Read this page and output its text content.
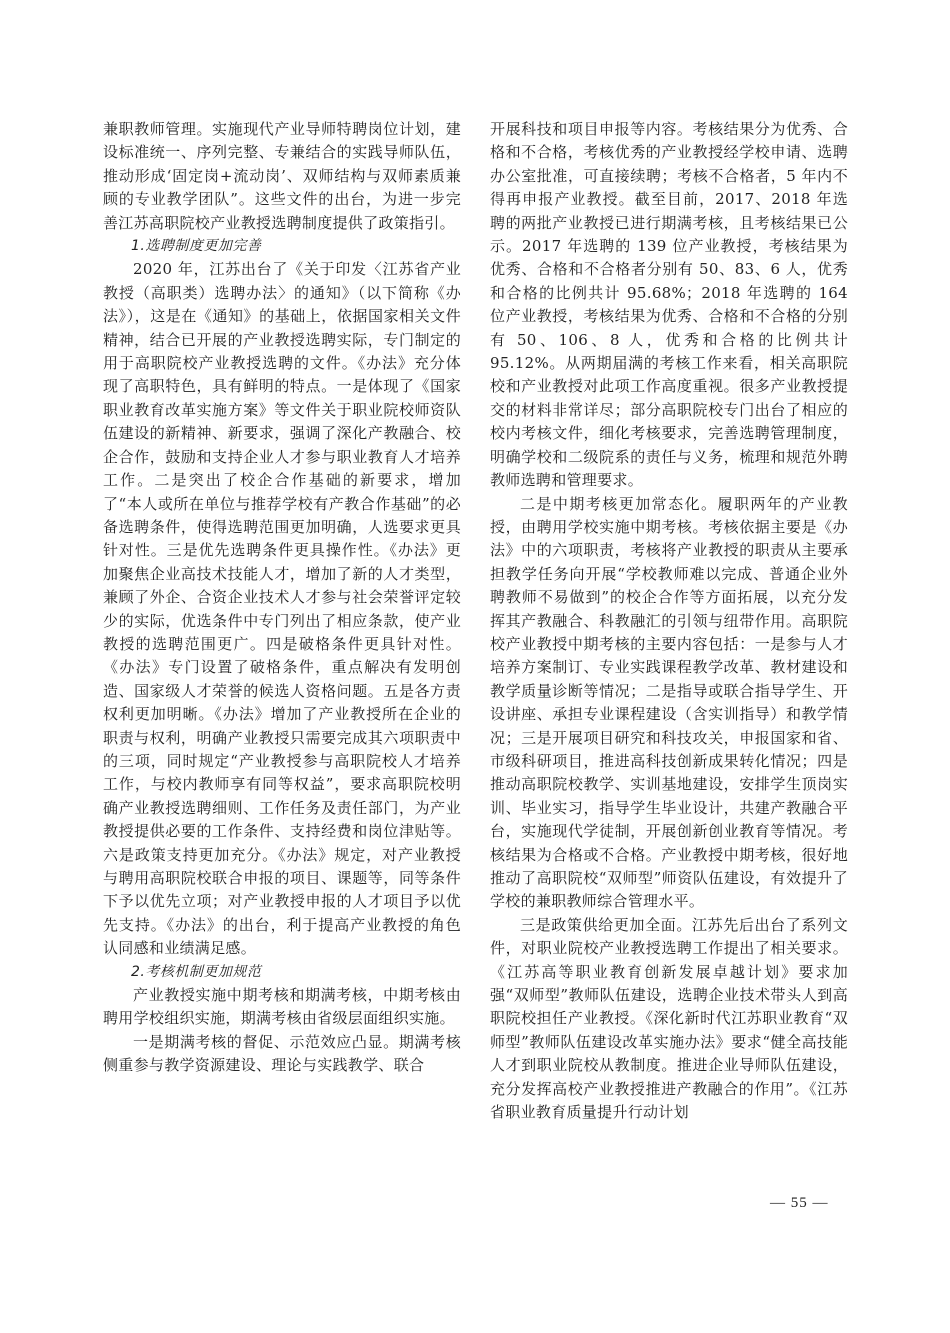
兼职教师管理。实施现代产业导师特聘岗位计划，建设标准统一、序列完整、专兼结合的实践导师队伍，推动形成‘固定岗+流动岗’、双师结构与双师素质兼顾的专业教学团队”。这些文件的出台，为进一步完善江苏高职院校产业教授选聘制度提供了政策指引。

1.选聘制度更加完善

2020 年，江苏出台了《关于印发〈江苏省产业教授（高职类）选聘办法〉的通知》（以下简称《办法》），这是在《通知》的基础上，依据国家相关文件精神，结合已开展的产业教授选聘实际，专门制定的用于高职院校产业教授选聘的文件。《办法》充分体现了高职特色，具有鲜明的特点。一是体现了《国家职业教育改革实施方案》等文件关于职业院校师资队伍建设的新精神、新要求，强调了深化产教融合、校企合作，鼓励和支持企业人才参与职业教育人才培养工作。二是突出了校企合作基础的新要求，增加了“本人或所在单位与推荐学校有产教合作基础”的必备选聘条件，使得选聘范围更加明确，人选要求更具针对性。三是优先选聘条件更具操作性。《办法》更加聚焦企业高技术技能人才，增加了新的人才类型，兼顾了外企、合资企业技术人才参与社会荣誉评定较少的实际，优选条件中专门列出了相应条款，使产业教授的选聘范围更广。四是破格条件更具针对性。《办法》专门设置了破格条件，重点解决有发明创造、国家级人才荣誉的候选人资格问题。五是各方责权利更加明晰。《办法》增加了产业教授所在企业的职责与权利，明确产业教授只需要完成其六项职责中的三项，同时规定“产业教授参与高职院校人才培养工作，与校内教师享有同等权益”，要求高职院校明确产业教授选聘细则、工作任务及责任部门，为产业教授提供必要的工作条件、支持经费和岗位津贴等。六是政策支持更加充分。《办法》规定，对产业教授与聘用高职院校联合申报的项目、课题等，同等条件下予以优先立项；对产业教授申报的人才项目予以优先支持。《办法》的出台，利于提高产业教授的角色认同感和业绩满足感。

2.考核机制更加规范

产业教授实施中期考核和期满考核，中期考核由聘用学校组织实施，期满考核由省级层面组织实施。

一是期满考核的督促、示范效应凸显。期满考核侧重参与教学资源建设、理论与实践教学、联合

开展科技和项目申报等内容。考核结果分为优秀、合格和不合格，考核优秀的产业教授经学校申请、选聘办公室批准，可直接续聘；考核不合格者，5 年内不得再申报产业教授。截至目前，2017、2018 年选聘的两批产业教授已进行期满考核，且考核结果已公示。2017 年选聘的 139 位产业教授，考核结果为优秀、合格和不合格者分别有 50、83、6 人，优秀和合格的比例共计 95.68%；2018 年选聘的 164 位产业教授，考核结果为优秀、合格和不合格的分别有 50、106、8 人，优秀和合格的比例共计 95.12%。从两期届满的考核工作来看，相关高职院校和产业教授对此项工作高度重视。很多产业教授提交的材料非常详尽；部分高职院校专门出台了相应的校内考核文件，细化考核要求，完善选聘管理制度，明确学校和二级院系的责任与义务，梳理和规范外聘教师选聘和管理要求。

二是中期考核更加常态化。履职两年的产业教授，由聘用学校实施中期考核。考核依据主要是《办法》中的六项职责，考核将产业教授的职责从主要承担教学任务向开展“学校教师难以完成、普通企业外聘教师不易做到”的校企合作等方面拓展，以充分发挥其产教融合、科教融汇的引领与纽带作用。高职院校产业教授中期考核的主要内容包括：一是参与人才培养方案制订、专业实践课程教学改革、教材建设和教学质量诊断等情况；二是指导或联合指导学生、开设讲座、承担专业课程建设（含实训指导）和教学情况；三是开展项目研究和科技攻关，申报国家和省、市级科研项目，推进高科技创新成果转化情况；四是推动高职院校教学、实训基地建设，安排学生顶岗实训、毕业实习，指导学生毕业设计，共建产教融合平台，实施现代学徒制，开展创新创业教育等情况。考核结果为合格或不合格。产业教授中期考核，很好地推动了高职院校“双师型”师资队伍建设，有效提升了学校的兼职教师综合管理水平。

三是政策供给更加全面。江苏先后出台了系列文件，对职业院校产业教授选聘工作提出了相关要求。《江苏高等职业教育创新发展卓越计划》要求加强“双师型”教师队伍建设，选聘企业技术带头人到高职院校担任产业教授。《深化新时代江苏职业教育“双师型”教师队伍建设改革实施办法》要求“健全高技能人才到职业院校从教制度。推进企业导师队伍建设，充分发挥高校产业教授推进产教融合的作用”。《江苏省职业教育质量提升行动计划

— 55 —
